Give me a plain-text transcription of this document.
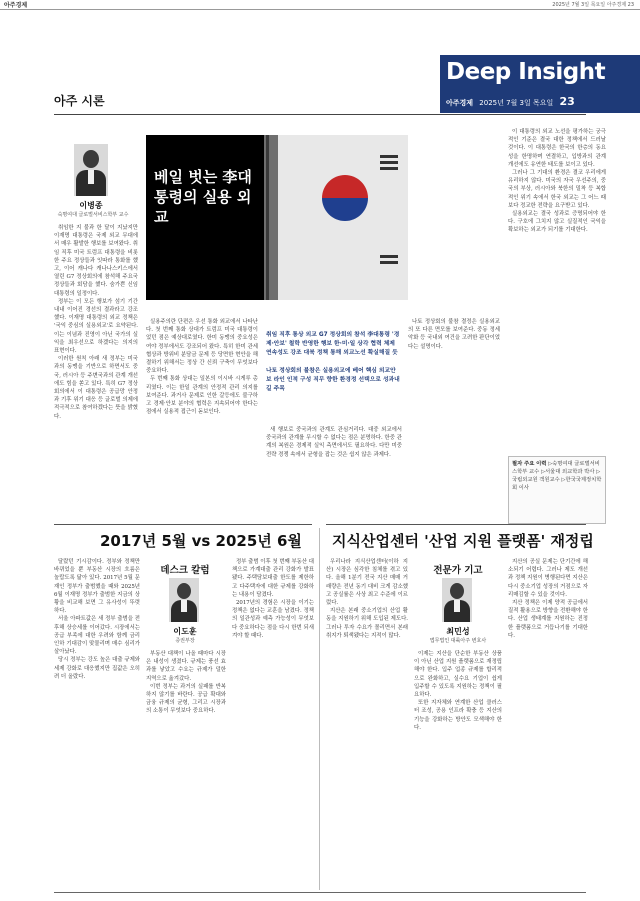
아주경제	2025년 7월 3일 목요일 아주경제 23
Deep Insight
아주경제 2025년 7월 3일 목요일 23
아주 시론
이병종
숙명여대 글로벌서비스학부 교수
베일 벗는 李대통령의 실용 외교

취임한 지 불과 한 달이 지났지만 이재명 대통령은 국제 외교 무대에서 매우 활발한 행보를 보여왔다. 취임 직후 미국 트럼프 대통령을 비롯한 주요 정상들과 잇따라 통화를 했고, 이어 캐나다 캐나나스키스에서 열린 G7 정상회의에 참석해 주요국 정상들과 회담을 했다. 숨가쁜 신임 대통령의 일정이다.

정부는 이 모든 행보가 섬기 기간 내내 이어진 경선의 결과라고 강조했다. 이재명 대통령의 외교 정책은 '국익 중심의 실용외교'로 요약된다. 이는 이념과 진영이 아닌 국가의 실익을 최우선으로 하겠다는 의지의 표현이다.

이러한 원칙 아래 새 정부는 미국과의 동맹을 기반으로 하면서도 중국, 러시아 등 주변국과의 관계 개선에도 힘을 쏟고 있다. 특히 G7 정상회의에서 이 대통령은 공급망 안정과 기후 위기 대응 등 글로벌 의제에 적극적으로 참여하겠다는 뜻을 밝혔다.

실용주의란 단편은 우선 통화 외교에서 나타난다. 첫 번째 통화 상대가 트럼프 미국 대통령이었던 점은 예상대로였다. 한미 동맹의 중요성은 여야 정부에서도 강조되어 왔다. 특히 한미 관세 협상과 방위비 분담금 문제 등 당면한 현안을 해결하기 위해서는 정상 간 신뢰 구축이 무엇보다 중요하다.

두 번째 통화 상대는 일본의 이시바 시게루 총리였다. 이는 한일 관계의 안정적 관리 의지를 보여준다. 과거사 문제로 인한 갈등에도 불구하고 경제·안보 분야의 협력은 지속되어야 한다는 점에서 실용적 접근이 돋보인다.

취임 직후 통상 외교 G7 정상회의 참석 李대통령 '경제·안보' 철학 반영한 행보 한·미·일 상각 협력 체제 연속성도 강조 대북 정책 통해 외교노선 확실해질 듯
나토 정상회의 불참은 실용외교에 베어 핵심 외교안보 라인 인적 구성 직무 향한 환경정 선택으로 성과내길 주목

새 행보로 중국과의 관계도 관심거리다. 대중 외교에서 중국과의 관계를 무시할 수 없다는 점은 분명하다. 한중 관계의 복원은 경제적 실익 측면에서도 필요하다. 다만 미중 전략 경쟁 속에서 균형을 잡는 것은 쉽지 않은 과제다.

나토 정상회의 불참 결정은 실용외교의 또 다른 면모를 보여준다. 중동 정세 악화 등 국내외 여건을 고려한 판단이었다는 설명이다.

이 대통령의 외교 노선을 평가하는 궁극적인 기준은 결국 대한 정책에서 드러날 것이다. 이 대통령은 한국의 한층의 동요성을 한명하며 연결하고, 입방과의 관계 개선에도 유연한 태도를 보이고 있다.

그러나 그 기대의 환경은 결코 우리에게 유리하지 않다. 미국의 자국 우선주의, 중국의 부상, 러시아와 북한의 밀착 등 복합적인 위기 속에서 한국 외교는 그 어느 때보다 정교한 전략을 요구받고 있다.

실용외교는 결국 성과로 증명되어야 한다. 구호에 그치지 않고 실질적인 국익을 확보하는 외교가 되기를 기대한다.

필자 주요 이력 ▷숙명여대 글로벌서비스학부 교수 ▷서울대 외교학과 박사 ▷국립외교원 객원교수 ▷한국국제정치학회 이사
2017년 5월 vs 2025년 6월
데스크 칼럼
이도훈
증권부장

달랐던 기시감이다. 정부와 정책만 바뀌었을 뿐 부동산 시장의 흐름은 놀랍도록 닮아 있다. 2017년 5월 문재인 정부가 출범했을 때와 2025년 6월 이재명 정부가 출범한 지금의 상황을 비교해 보면 그 유사성이 뚜렷하다.

서울 아파트값은 새 정부 출범을 전후해 상승세를 이어갔다. 시장에서는 공급 부족에 대한 우려와 함께 금리 인하 기대감이 맞물리며 매수 심리가 살아났다.

당시 정부는 강도 높은 대출 규제와 세제 강화로 대응했지만 집값은 오히려 더 올랐다.

부동산 대책이 나올 때마다 시장은 내성이 생겼다. 규제는 풍선 효과를 낳았고 수요는 규제가 덜한 지역으로 옮겨갔다.

이번 정부는 과거의 실패를 반복하지 않기를 바란다. 공급 확대와 금융 규제의 균형, 그리고 시장과의 소통이 무엇보다 중요하다.

정부 출범 이후 첫 번째 부동산 대책으로 가계대출 관리 강화가 발표됐다. 주택담보대출 한도를 제한하고 다주택자에 대한 규제를 강화하는 내용이 담겼다.

2017년의 경험은 시장을 이기는 정책은 없다는 교훈을 남겼다. 정책의 일관성과 예측 가능성이 무엇보다 중요하다는 점을 다시 한번 되새겨야 할 때다.

지식산업센터 '산업 지원 플랫폼' 재정립
전문가 기고
최민성
법무법인 대륙아주 변호사

우리나라 지식산업센터(이하 지산) 시장은 심각한 침체를 겪고 있다. 올해 1분기 전국 지산 매매 거래량은 전년 동기 대비 크게 감소했고 공실률은 사상 최고 수준에 이르렀다.

지산은 본래 중소기업의 산업 활동을 지원하기 위해 도입된 제도다. 그러나 투자 수요가 몰리면서 본래 취지가 퇴색됐다는 지적이 많다.

이제는 지산을 단순한 부동산 상품이 아닌 산업 지원 플랫폼으로 재정립해야 한다. 입주 업종 규제를 합리적으로 완화하고, 실수요 기업이 쉽게 입주할 수 있도록 지원하는 정책이 필요하다.

또한 지자체와 연계한 산업 클러스터 조성, 공용 인프라 확충 등 지산의 기능을 강화하는 방안도 모색해야 한다.

지산의 공실 문제는 단기간에 해소되기 어렵다. 그러나 제도 개선과 정책 지원이 병행된다면 지산은 다시 중소기업 성장의 거점으로 자리매김할 수 있을 것이다.

지산 정책은 이제 양적 공급에서 질적 활용으로 방향을 전환해야 한다. 산업 생태계를 지원하는 진정한 플랫폼으로 거듭나기를 기대한다.
